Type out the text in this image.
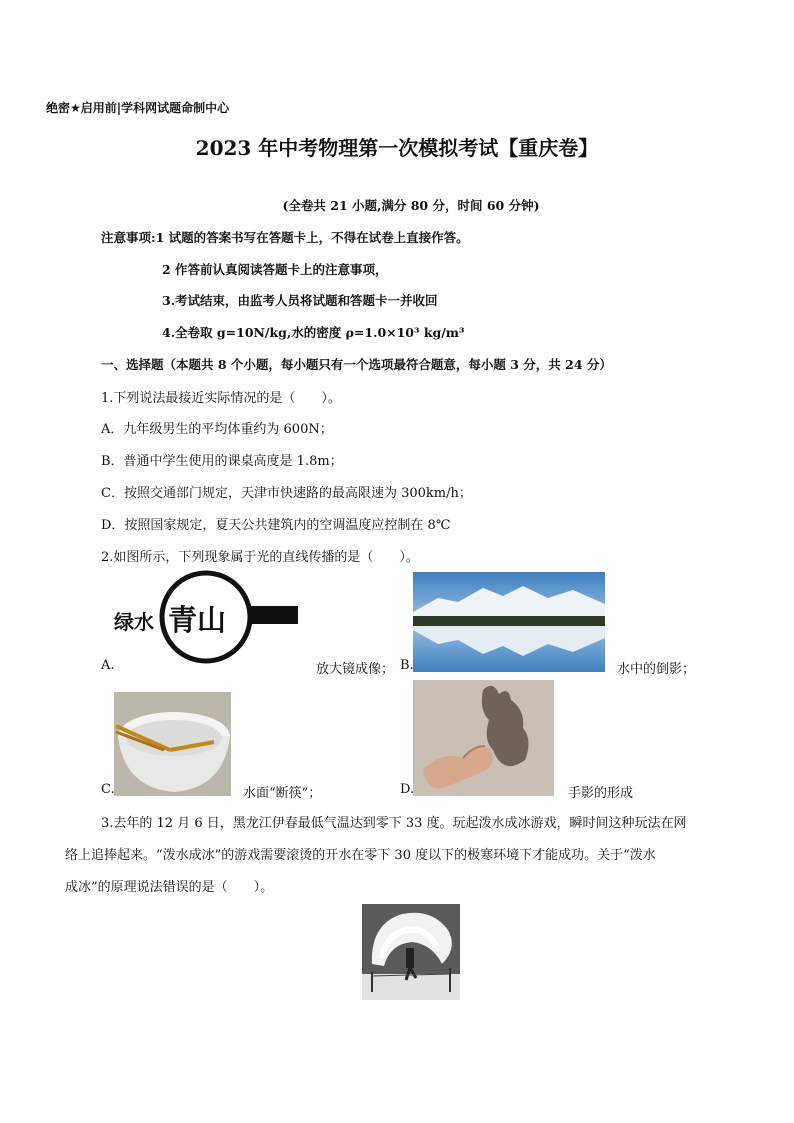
绝密★启用前|学科网试题命制中心
2023 年中考物理第一次模拟考试【重庆卷】
(全卷共 21 小题,满分 80 分，时间 60 分钟)
注意事项:1 试题的答案书写在答题卡上，不得在试卷上直接作答。
2 作答前认真阅读答题卡上的注意事项，
3.考试结束，由监考人员将试题和答题卡一并收回
4.全卷取 g=10N/kg,水的密度 ρ=1.0×10³ kg/m³
一、选择题（本题共 8 个小题，每小题只有一个选项最符合题意，每小题 3 分，共 24 分）
1.下列说法最接近实际情况的是（　　）。
A．九年级男生的平均体重约为 600N；
B．普通中学生使用的课桌高度是 1.8m；
C．按照交通部门规定，天津市快速路的最高限速为 300km/h；
D．按照国家规定，夏天公共建筑内的空调温度应控制在 8℃
2.如图所示，下列现象属于光的直线传播的是（　　）。
绿水 青山
A.	放大镜成像； B.	水中的倒影；
C.	水面“断筷”；	D.	手影的形成
3.去年的 12 月 6 日，黑龙江伊春最低气温达到零下 33 度。玩起泼水成冰游戏，瞬时间这种玩法在网
络上追捧起来。“泼水成冰”的游戏需要滚烫的开水在零下 30 度以下的极寒环境下才能成功。关于“泼水
成冰”的原理说法错误的是（　　）。
